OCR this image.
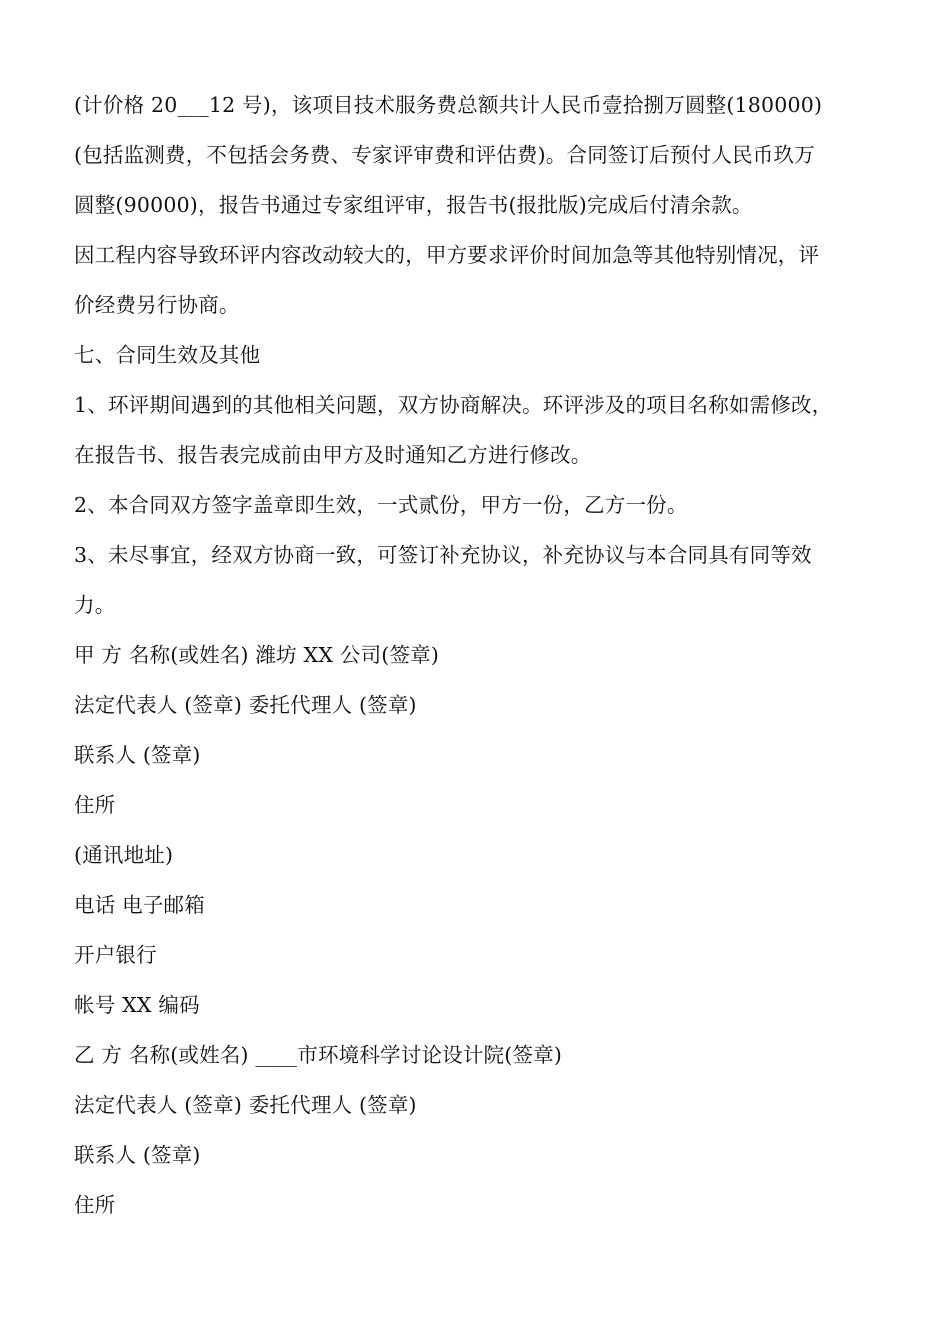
(计价格 20___12 号)，该项目技术服务费总额共计人民币壹拾捌万圆整(180000)
(包括监测费，不包括会务费、专家评审费和评估费)。合同签订后预付人民币玖万
圆整(90000)，报告书通过专家组评审，报告书(报批版)完成后付清余款。
因工程内容导致环评内容改动较大的，甲方要求评价时间加急等其他特别情况，评
价经费另行协商。
七、合同生效及其他
1、环评期间遇到的其他相关问题，双方协商解决。环评涉及的项目名称如需修改，
在报告书、报告表完成前由甲方及时通知乙方进行修改。
2、本合同双方签字盖章即生效，一式贰份，甲方一份，乙方一份。
3、未尽事宜，经双方协商一致，可签订补充协议，补充协议与本合同具有同等效
力。
甲 方 名称(或姓名) 潍坊 XX 公司(签章)
法定代表人 (签章) 委托代理人 (签章)
联系人 (签章)
住所
(通讯地址)
电话 电子邮箱
开户银行
帐号 XX 编码
乙 方 名称(或姓名) ____市环境科学讨论设计院(签章)
法定代表人 (签章) 委托代理人 (签章)
联系人 (签章)
住所
